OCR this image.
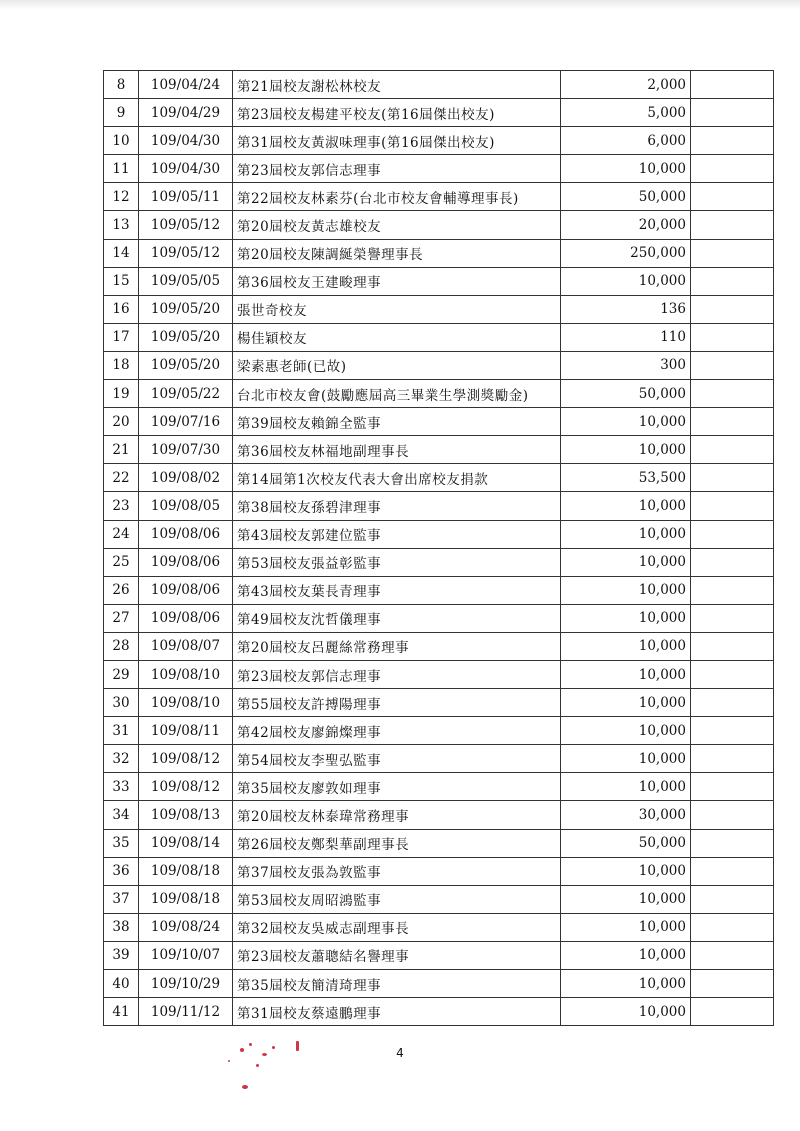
8	109/04/24	第21屆校友謝松林校友	2,000	
9	109/04/29	第23屆校友楊建平校友(第16屆傑出校友)	5,000	
10	109/04/30	第31屆校友黃淑味理事(第16屆傑出校友)	6,000	
11	109/04/30	第23屆校友郭信志理事	10,000	
12	109/05/11	第22屆校友林素芬(台北市校友會輔導理事長)	50,000	
13	109/05/12	第20屆校友黃志雄校友	20,000	
14	109/05/12	第20屆校友陳調綖榮譽理事長	250,000	
15	109/05/05	第36屆校友王建畯理事	10,000	
16	109/05/20	張世奇校友	136	
17	109/05/20	楊佳穎校友	110	
18	109/05/20	梁素惠老師(已故)	300	
19	109/05/22	台北市校友會(鼓勵應屆高三畢業生學測獎勵金)	50,000	
20	109/07/16	第39屆校友賴錦全監事	10,000	
21	109/07/30	第36屆校友林福地副理事長	10,000	
22	109/08/02	第14屆第1次校友代表大會出席校友捐款	53,500	
23	109/08/05	第38屆校友孫碧津理事	10,000	
24	109/08/06	第43屆校友郭建位監事	10,000	
25	109/08/06	第53屆校友張益彰監事	10,000	
26	109/08/06	第43屆校友葉長青理事	10,000	
27	109/08/06	第49屆校友沈哲儀理事	10,000	
28	109/08/07	第20屆校友呂麗絲常務理事	10,000	
29	109/08/10	第23屆校友郭信志理事	10,000	
30	109/08/10	第55屆校友許搏陽理事	10,000	
31	109/08/11	第42屆校友廖錦燦理事	10,000	
32	109/08/12	第54屆校友李聖弘監事	10,000	
33	109/08/12	第35屆校友廖敦如理事	10,000	
34	109/08/13	第20屆校友林泰瑋常務理事	30,000	
35	109/08/14	第26屆校友鄭梨華副理事長	50,000	
36	109/08/18	第37屆校友張為敦監事	10,000	
37	109/08/18	第53屆校友周昭鴻監事	10,000	
38	109/08/24	第32屆校友吳威志副理事長	10,000	
39	109/10/07	第23屆校友蕭聰結名譽理事	10,000	
40	109/10/29	第35屆校友簡清琦理事	10,000	
41	109/11/12	第31屆校友蔡遠鵬理事	10,000	
4
